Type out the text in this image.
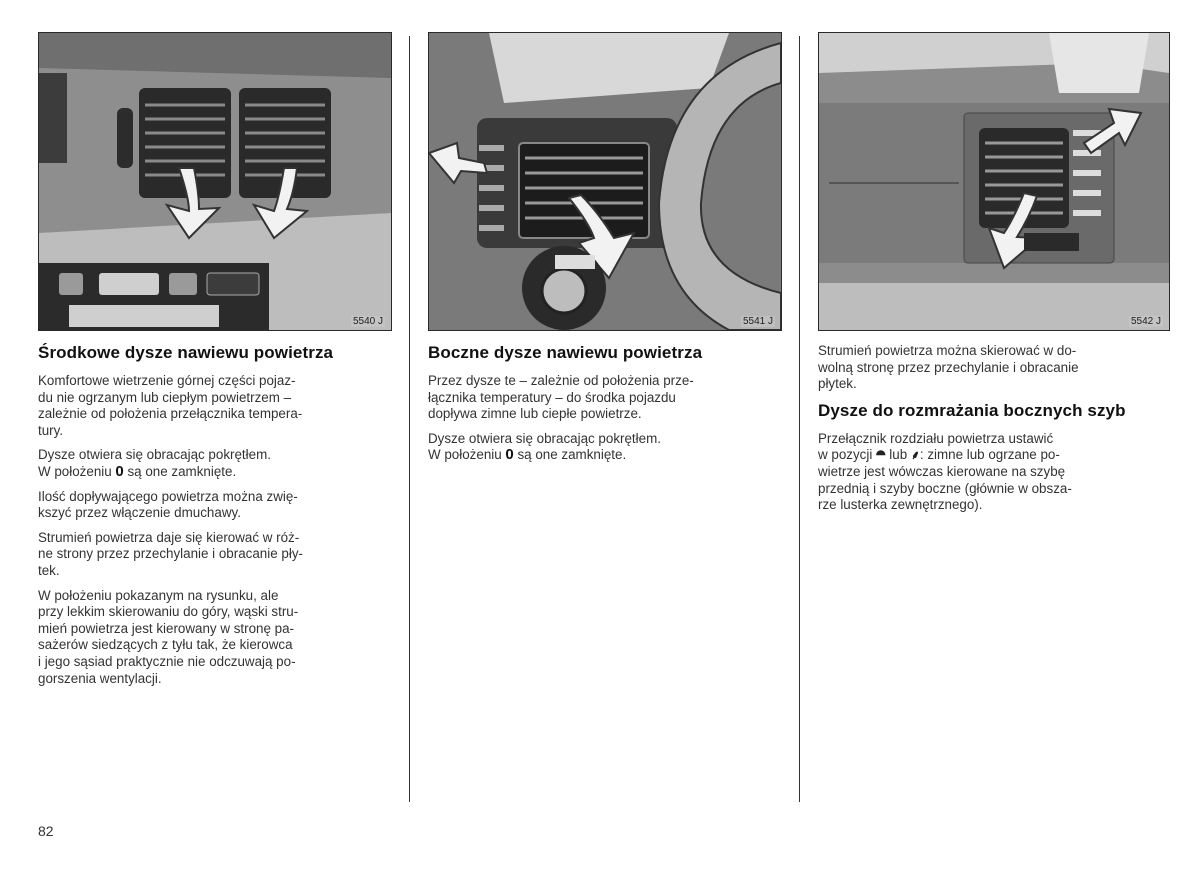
5540 J	5541 J	5542 J
Środkowe dysze nawiewu powietrza

Komfortowe wietrzenie górnej części pojaz-
du nie ogrzanym lub ciepłym powietrzem –
zależnie od położenia przełącznika tempera-
tury.

Dysze otwiera się obracając pokrętłem.
W położeniu 0 są one zamknięte.

Ilość dopływającego powietrza można zwię-
kszyć przez włączenie dmuchawy.

Strumień powietrza daje się kierować w róż-
ne strony przez przechylanie i obracanie pły-
tek.

W położeniu pokazanym na rysunku, ale
przy lekkim skierowaniu do góry, wąski stru-
mień powietrza jest kierowany w stronę pa-
sażerów siedzących z tyłu tak, że kierowca
i jego sąsiad praktycznie nie odczuwają po-
gorszenia wentylacji.

Boczne dysze nawiewu powietrza

Przez dysze te – zależnie od położenia prze-
łącznika temperatury – do środka pojazdu
dopływa zimne lub ciepłe powietrze.

Dysze otwiera się obracając pokrętłem.
W położeniu 0 są one zamknięte.

Strumień powietrza można skierować w do-
wolną stronę przez przechylanie i obracanie
płytek.

Dysze do rozmrażania bocznych szyb

Przełącznik rozdziału powietrza ustawić
w pozycji ⯊ lub ⸙: zimne lub ogrzane po-
wietrze jest wówczas kierowane na szybę
przednią i szyby boczne (głównie w obsza-
rze lusterka zewnętrznego).

82
